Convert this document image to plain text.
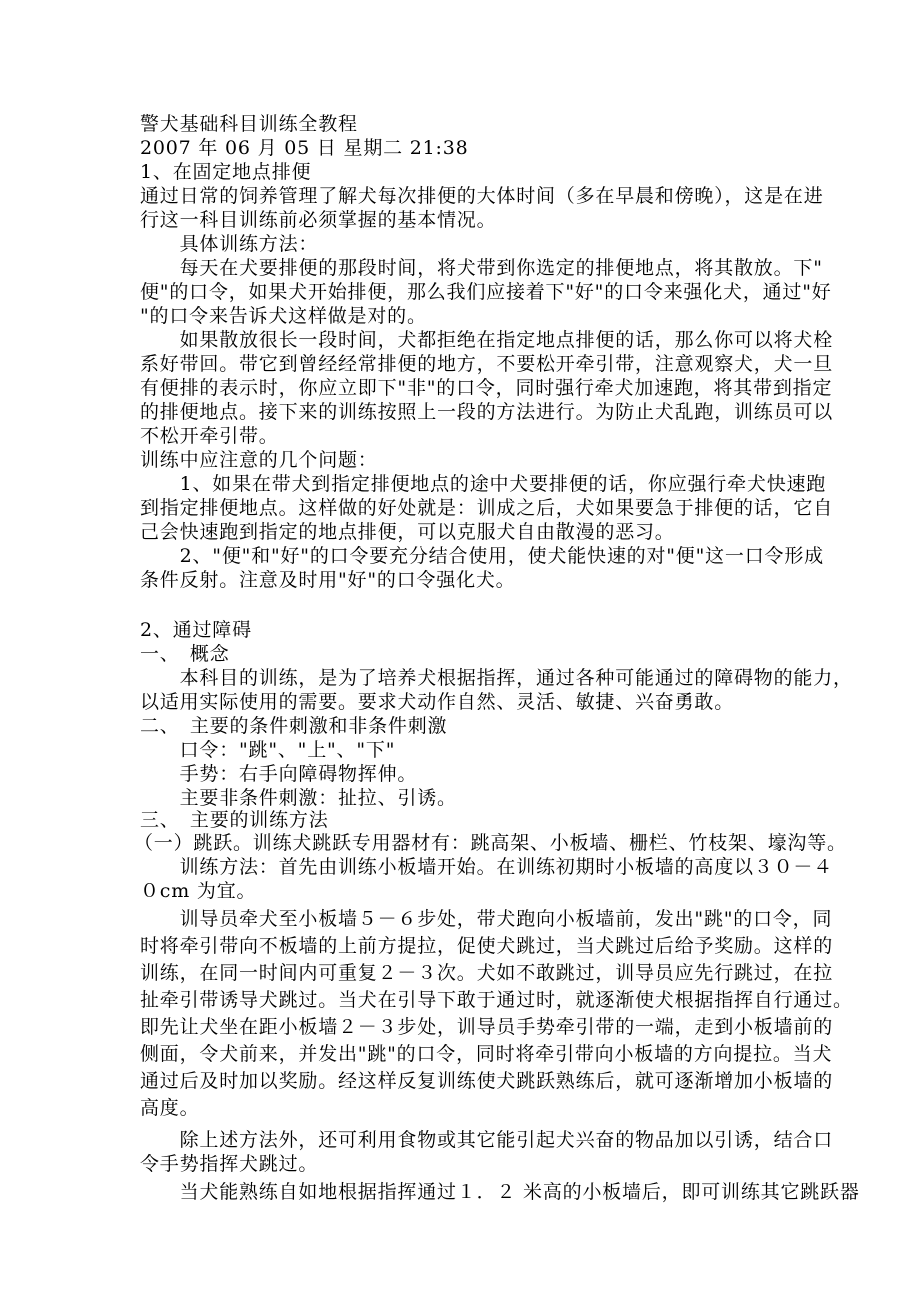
警犬基础科目训练全教程
2007 年 06 月 05 日 星期二 21:38
1、在固定地点排便
通过日常的饲养管理了解犬每次排便的大体时间（多在早晨和傍晚），这是在进
行这一科目训练前必须掌握的基本情况。
　　具体训练方法：
　　每天在犬要排便的那段时间，将犬带到你选定的排便地点，将其散放。下"
便"的口令，如果犬开始排便，那么我们应接着下"好"的口令来强化犬，通过"好
"的口令来告诉犬这样做是对的。
　　如果散放很长一段时间，犬都拒绝在指定地点排便的话，那么你可以将犬栓
系好带回。带它到曾经经常排便的地方，不要松开牵引带，注意观察犬，犬一旦
有便排的表示时，你应立即下"非"的口令，同时强行牵犬加速跑，将其带到指定
的排便地点。接下来的训练按照上一段的方法进行。为防止犬乱跑，训练员可以
不松开牵引带。
训练中应注意的几个问题：
　　1、如果在带犬到指定排便地点的途中犬要排便的话，你应强行牵犬快速跑
到指定排便地点。这样做的好处就是：训成之后，犬如果要急于排便的话，它自
己会快速跑到指定的地点排便，可以克服犬自由散漫的恶习。
　　2、"便"和"好"的口令要充分结合使用，使犬能快速的对"便"这一口令形成
条件反射。注意及时用"好"的口令强化犬。
2、通过障碍
一、　概念
　　本科目的训练，是为了培养犬根据指挥，通过各种可能通过的障碍物的能力，
以适用实际使用的需要。要求犬动作自然、灵活、敏捷、兴奋勇敢。
二、　主要的条件刺激和非条件刺激
　　口令："跳"、"上"、"下"
　　手势：右手向障碍物挥伸。
　　主要非条件刺激：扯拉、引诱。
三、　主要的训练方法
（一）跳跃。训练犬跳跃专用器材有：跳高架、小板墙、栅栏、竹枝架、壕沟等。
　　训练方法：首先由训练小板墙开始。在训练初期时小板墙的高度以３０－４
０cm 为宜。
　　训导员牵犬至小板墙５－６步处，带犬跑向小板墙前，发出"跳"的口令，同
时将牵引带向不板墙的上前方提拉，促使犬跳过，当犬跳过后给予奖励。这样的
训练，在同一时间内可重复２－３次。犬如不敢跳过，训导员应先行跳过，在拉
扯牵引带诱导犬跳过。当犬在引导下敢于通过时，就逐渐使犬根据指挥自行通过。
即先让犬坐在距小板墙２－３步处，训导员手势牵引带的一端，走到小板墙前的
侧面，令犬前来，并发出"跳"的口令，同时将牵引带向小板墙的方向提拉。当犬
通过后及时加以奖励。经这样反复训练使犬跳跃熟练后，就可逐渐增加小板墙的
高度。
　　除上述方法外，还可利用食物或其它能引起犬兴奋的物品加以引诱，结合口
令手势指挥犬跳过。
　　当犬能熟练自如地根据指挥通过１．２ 米高的小板墙后，即可训练其它跳跃器
